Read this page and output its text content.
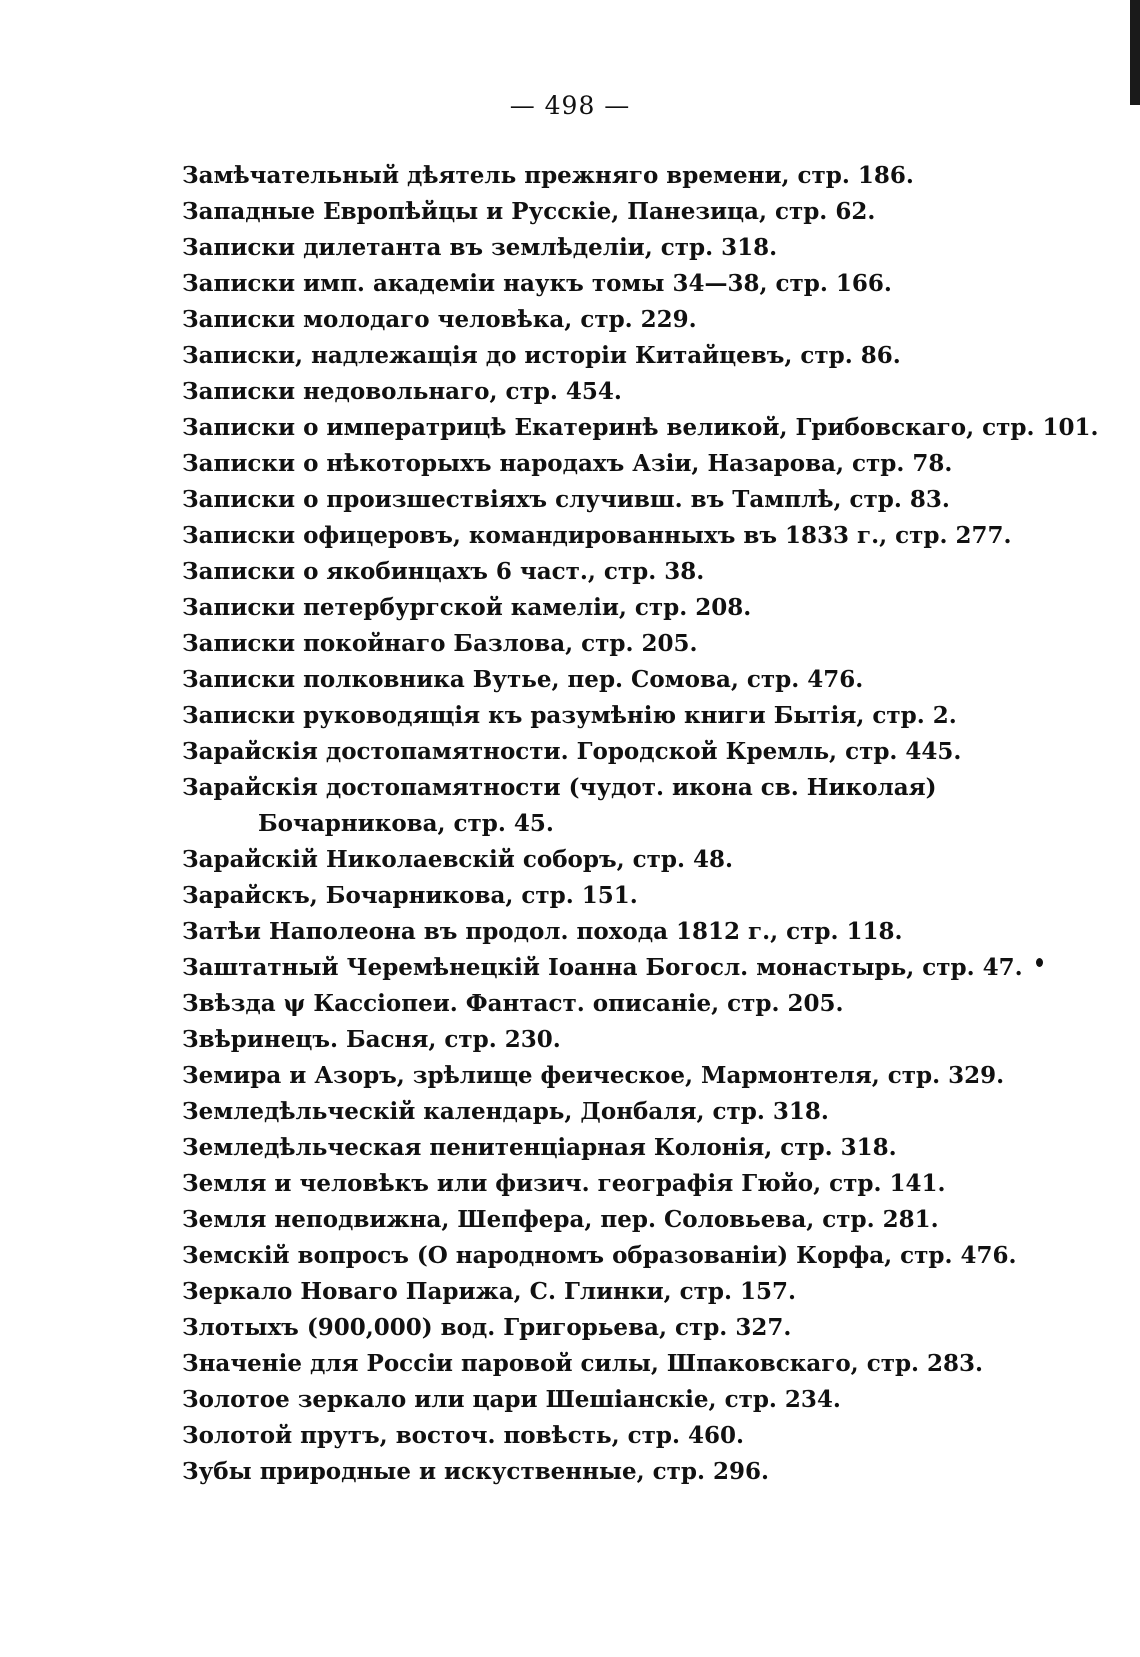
— 498 —
Замѣчательный дѣятель прежняго времени, стр. 186.
Западные Европѣйцы и Русскіе, Панезица, стр. 62.
Записки дилетанта въ землѣделіи, стр. 318.
Записки имп. академіи наукъ томы 34—38, стр. 166.
Записки молодаго человѣка, стр. 229.
Записки, надлежащія до исторіи Китайцевъ, стр. 86.
Записки недовольнаго, стр. 454.
Записки о императрицѣ Екатеринѣ великой, Грибовскаго, стр. 101.
Записки о нѣкоторыхъ народахъ Азіи, Назарова, стр. 78.
Записки о произшествіяхъ случивш. въ Тамплѣ, стр. 83.
Записки офицеровъ, командированныхъ въ 1833 г., стр. 277.
Записки о якобинцахъ 6 част., стр. 38.
Записки петербургской камеліи, стр. 208.
Записки покойнаго Базлова, стр. 205.
Записки полковника Вутье, пер. Сомова, стр. 476.
Записки руководящія къ разумѣнію книги Бытія, стр. 2.
Зарайскія достопамятности. Городской Кремль, стр. 445.
Зарайскія достопамятности (чудот. икона св. Николая) Бочарникова, стр. 45.
Зарайскій Николаевскій соборъ, стр. 48.
Зарайскъ, Бочарникова, стр. 151.
Затѣи Наполеона въ продол. похода 1812 г., стр. 118.
Заштатный Черемѣнецкій Іоанна Богосл. монастырь, стр. 47.
Звѣзда ψ Кассіопеи. Фантаст. описаніе, стр. 205.
Звѣринецъ. Басня, стр. 230.
Земира и Азоръ, зрѣлище феическое, Мармонтеля, стр. 329.
Земледѣльческій календарь, Донбаля, стр. 318.
Земледѣльческая пенитенціарная Колонія, стр. 318.
Земля и человѣкъ или физич. географія Гюйо, стр. 141.
Земля неподвижна, Шепфера, пер. Соловьева, стр. 281.
Земскій вопросъ (О народномъ образованіи) Корфа, стр. 476.
Зеркало Новаго Парижа, С. Глинки, стр. 157.
Злотыхъ (900,000) вод. Григорьева, стр. 327.
Значеніе для Россіи паровой силы, Шпаковскаго, стр. 283.
Золотое зеркало или цари Шешіанскіе, стр. 234.
Золотой прутъ, восточ. повѣсть, стр. 460.
Зубы природные и искуственные, стр. 296.
